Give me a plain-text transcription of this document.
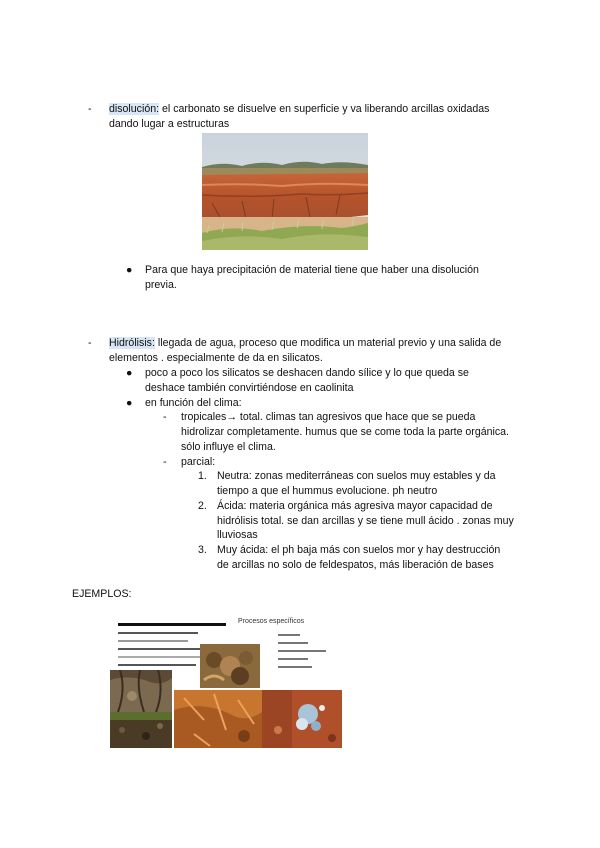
-	disolución: el carbonato se disuelve en superficie y va liberando arcillas oxidadas
dando lugar a estructuras
●	Para que haya precipitación de material tiene que haber una disolución
previa.
-	Hidrólisis: llegada de agua, proceso que modifica un material previo y una salida de
elementos . especialmente de da en silicatos.
● poco a poco los silicatos se deshacen dando sílice y lo que queda se
deshace también convirtiéndose en caolinita
● en función del clima:
- tropicales→ total. climas tan agresivos que hace que se pueda
hidrolizar completamente. humus que se come toda la parte orgánica.
sólo influye el clima.
- parcial:
1. Neutra: zonas mediterráneas con suelos muy estables y da
tiempo a que el hummus evolucione. ph neutro
2. Ácida: materia orgánica más agresiva mayor capacidad de
hidrólisis total. se dan arcillas y se tiene mull ácido . zonas muy
lluviosas
3. Muy ácida: el ph baja más con suelos mor y hay destrucción
de arcillas no solo de feldespatos, más liberación de bases
EJEMPLOS:
Procesos específicos
